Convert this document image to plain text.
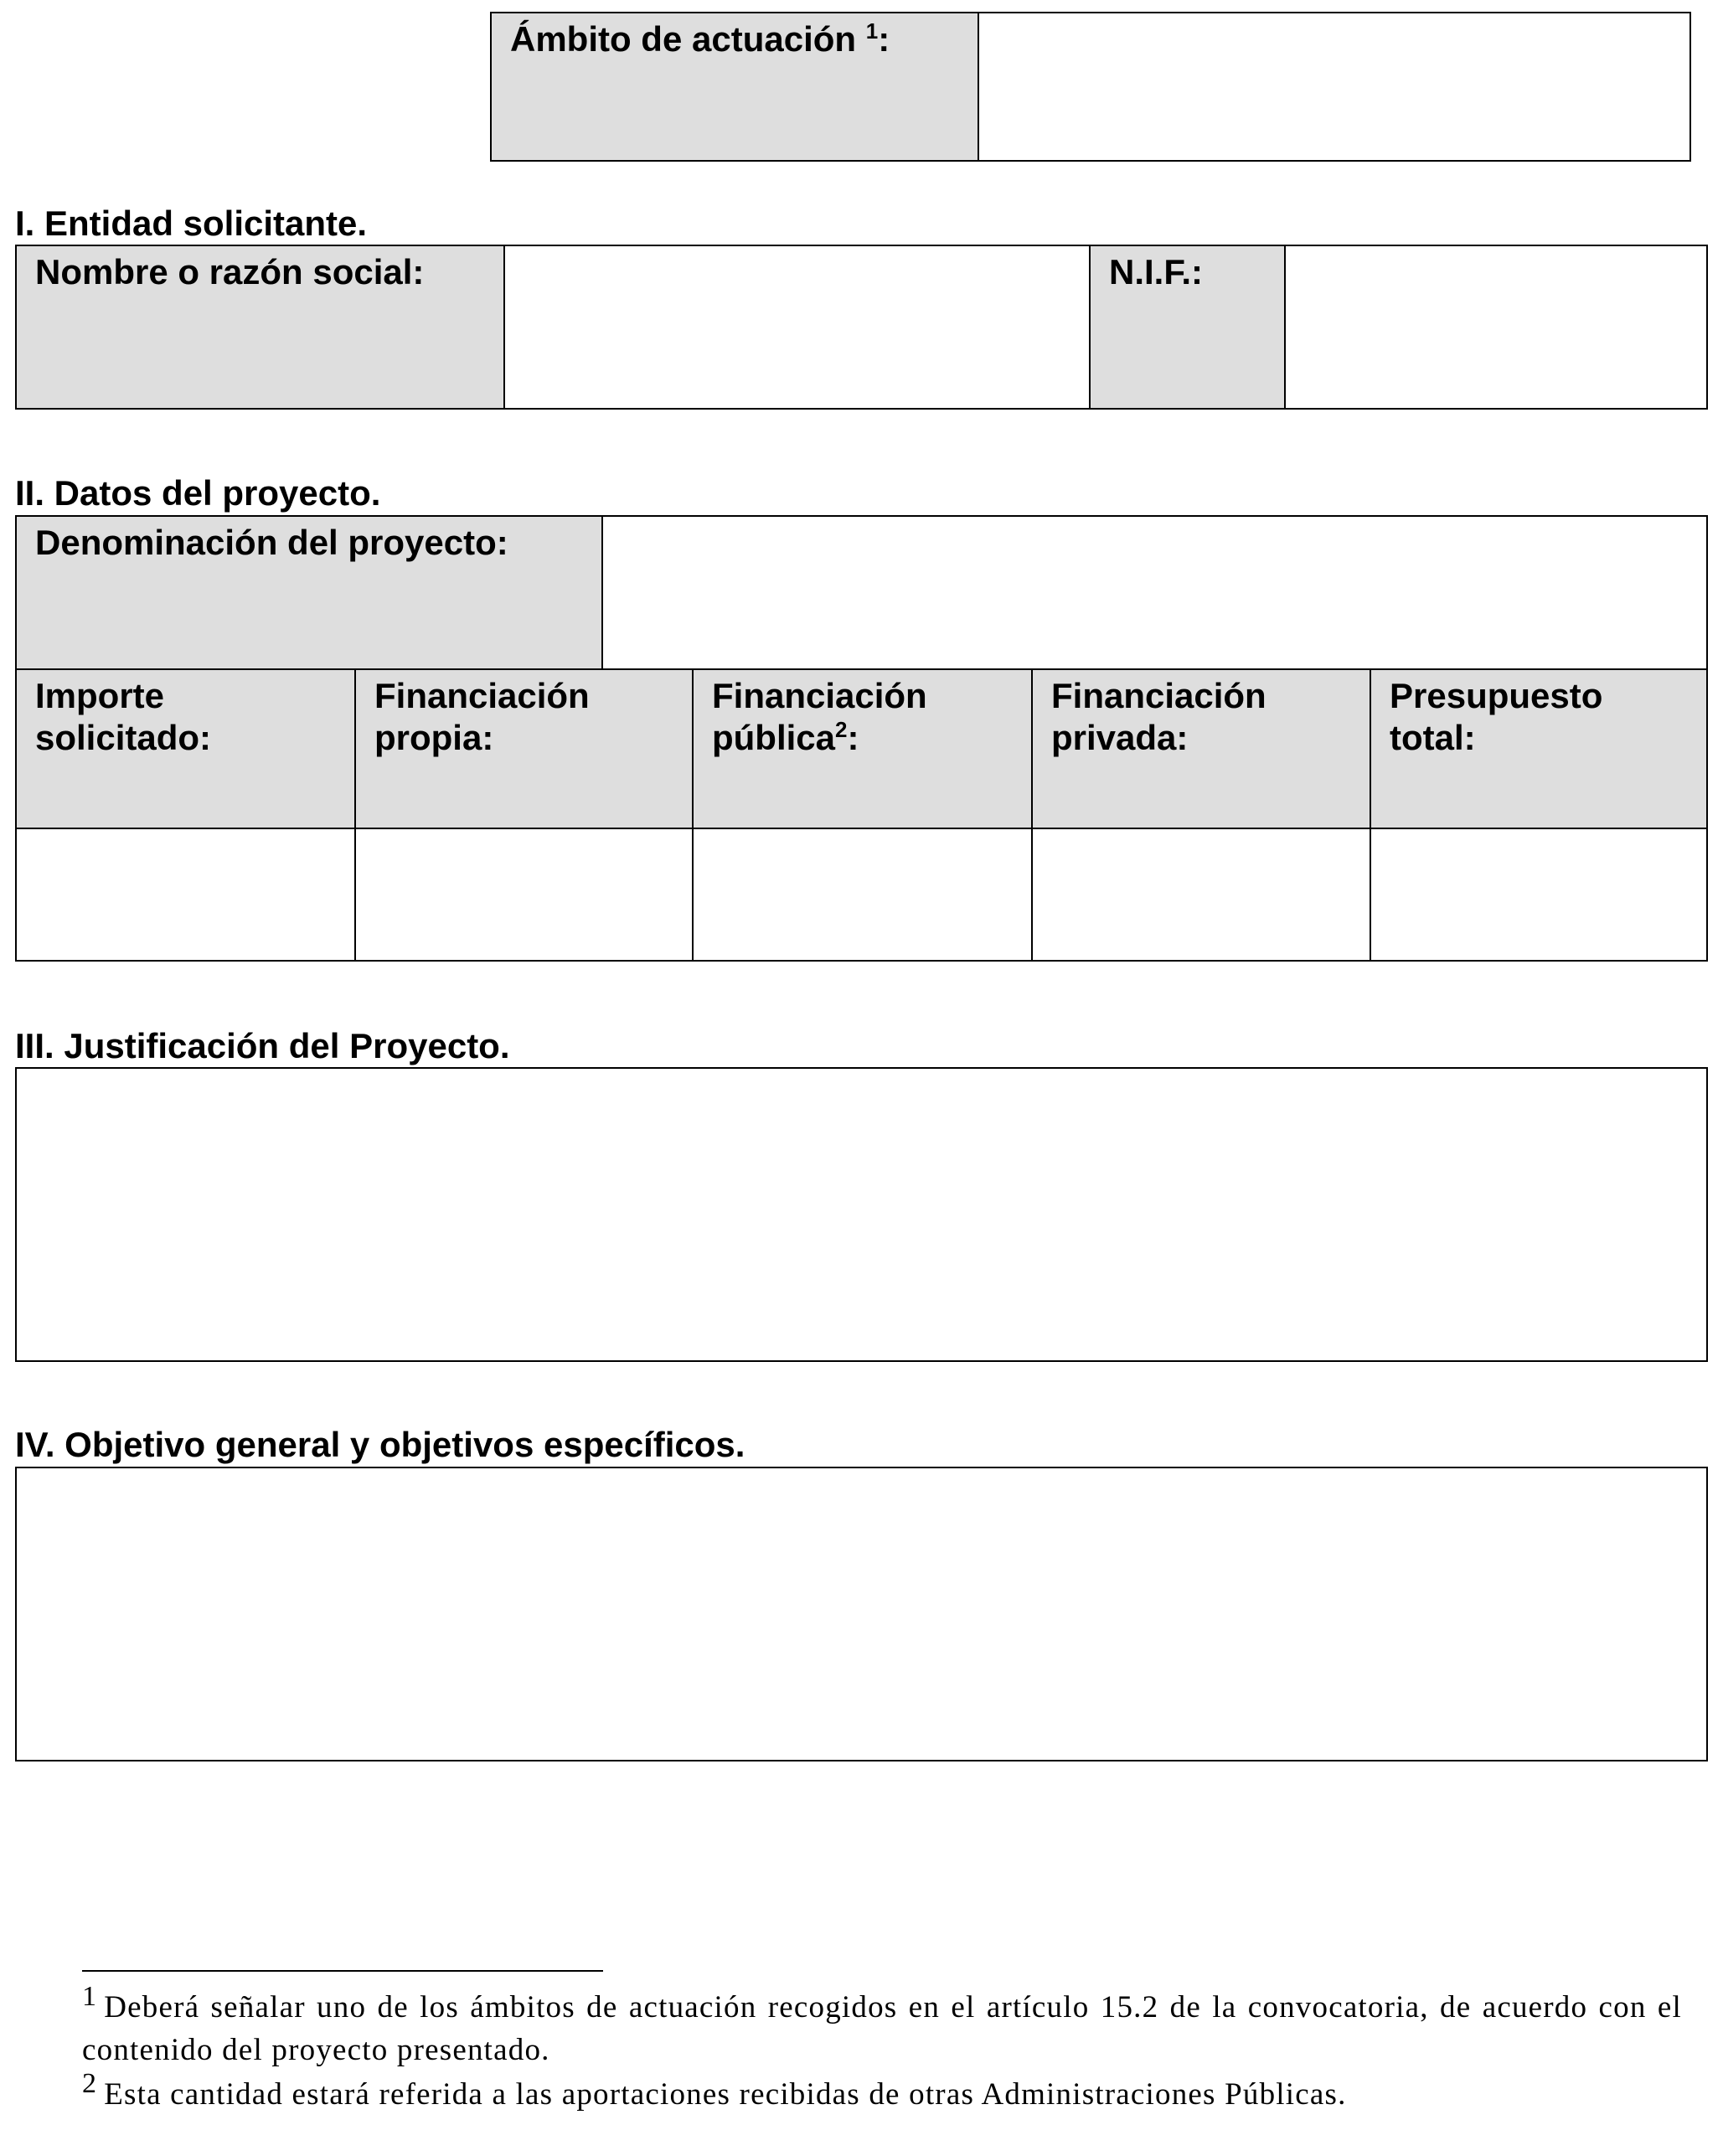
Ámbito de actuación $^1$:

I. Entidad solicitante.

Nombre o razón social:	N.I.F.:

II. Datos del proyecto.

Denominación del proyecto:

Importe
solicitado:

Financiación
propia:

Financiación
pública$^2$:

Financiación
privada:

Presupuesto
total:

III. Justificación del Proyecto.
IV. Objetivo general y objetivos específicos.

1 Deberá señalar uno de los ámbitos de actuación recogidos en el artículo 15.2 de la convocatoria, de acuerdo con el contenido del proyecto presentado.

2 Esta cantidad estará referida a las aportaciones recibidas de otras Administraciones Públicas.
